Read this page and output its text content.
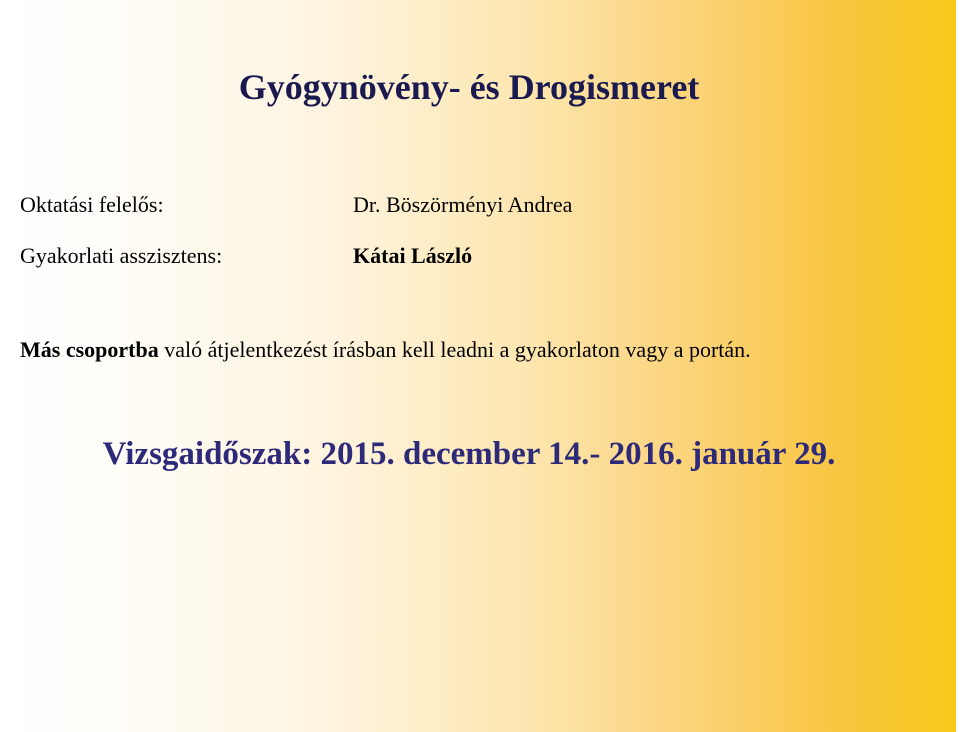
Gyógynövény- és Drogismeret
Oktatási felelős:	Dr. Böszörményi Andrea
Gyakorlati asszisztens:	Kátai László
Más csoportba való átjelentkezést írásban kell leadni a gyakorlaton vagy a portán.
Vizsgaidőszak: 2015. december 14.- 2016. január 29.
